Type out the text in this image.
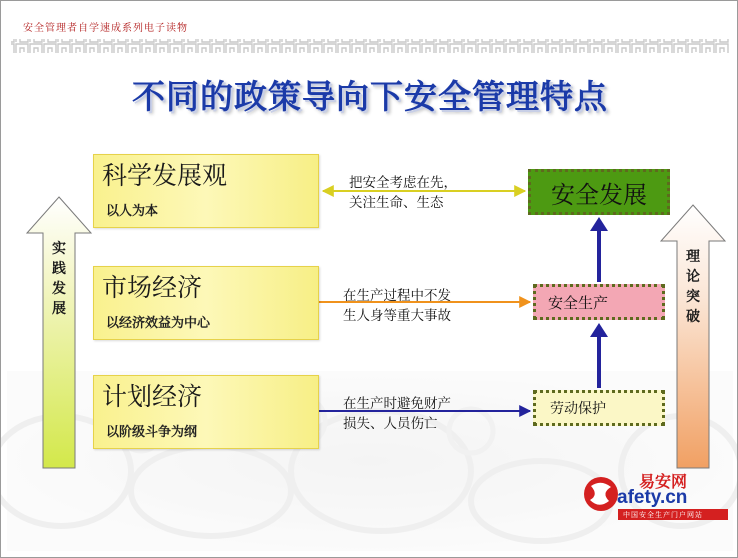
安全管理者自学速成系列电子读物
不同的政策导向下安全管理特点
科学发展观
以人为本
市场经济
以经济效益为中心
计划经济
以阶级斗争为纲
把安全考虑在先，
关注生命、生态
在生产过程中不发
生人身等重大事故
在生产时避免财产
损失、人员伤亡
安全发展
安全生产
劳动保护
实
践
发
展
理
论
突
破
易安网
afety.cn
中国安全生产门户网站
